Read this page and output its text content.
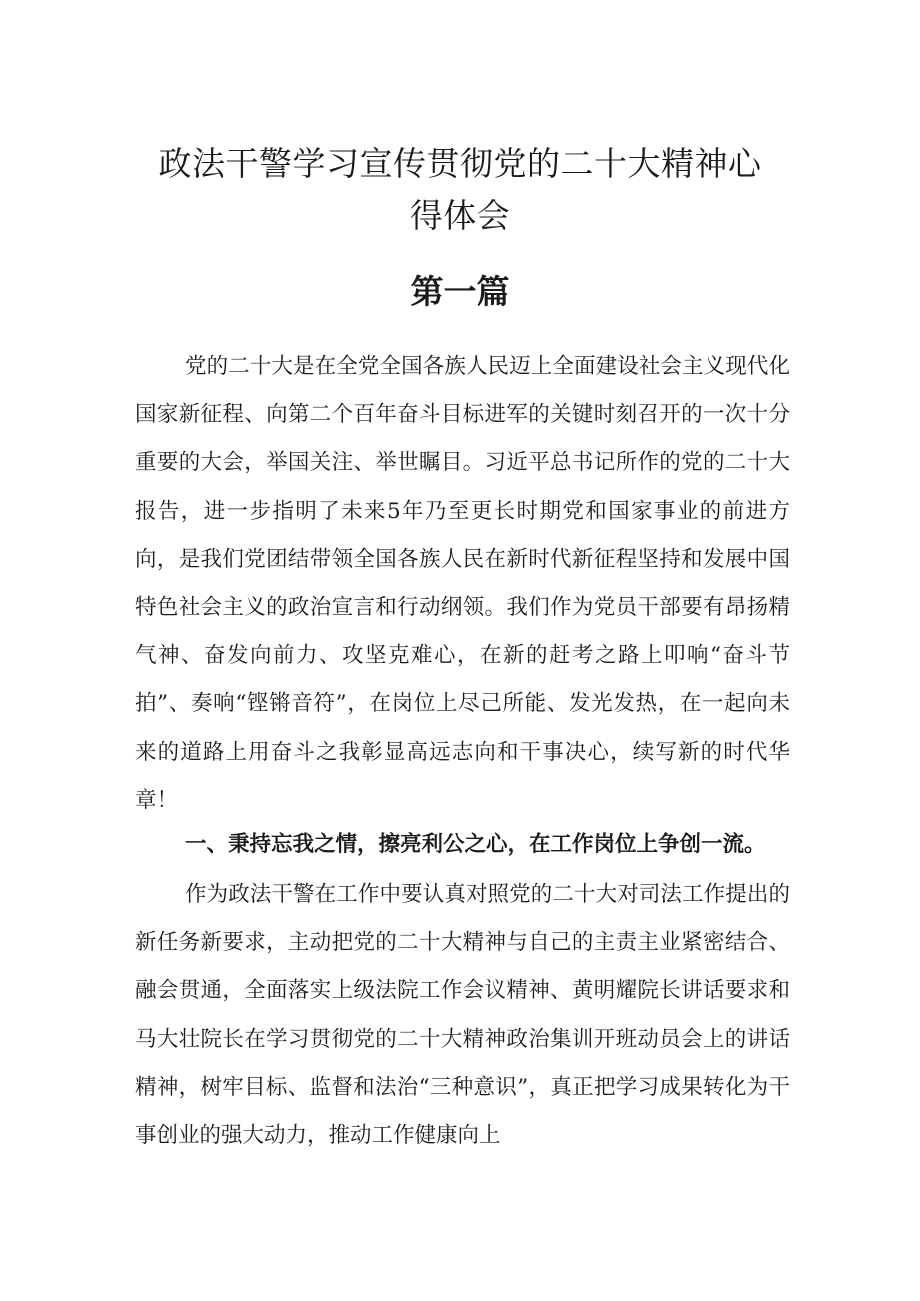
政法干警学习宣传贯彻党的二十大精神心
得体会
第一篇

党的二十大是在全党全国各族人民迈上全面建设社会主义现代化国家新征程、向第二个百年奋斗目标进军的关键时刻召开的一次十分重要的大会，举国关注、举世瞩目。习近平总书记所作的党的二十大报告，进一步指明了未来5年乃至更长时期党和国家事业的前进方向，是我们党团结带领全国各族人民在新时代新征程坚持和发展中国特色社会主义的政治宣言和行动纲领。我们作为党员干部要有昂扬精气神、奋发向前力、攻坚克难心，在新的赶考之路上叩响“奋斗节拍”、奏响“铿锵音符”，在岗位上尽己所能、发光发热，在一起向未来的道路上用奋斗之我彰显高远志向和干事决心，续写新的时代华章！

一、秉持忘我之情，擦亮利公之心，在工作岗位上争创一流。

作为政法干警在工作中要认真对照党的二十大对司法工作提出的新任务新要求，主动把党的二十大精神与自己的主责主业紧密结合、融会贯通，全面落实上级法院工作会议精神、黄明耀院长讲话要求和马大壮院长在学习贯彻党的二十大精神政治集训开班动员会上的讲话精神，树牢目标、监督和法治“三种意识”，真正把学习成果转化为干事创业的强大动力，推动工作健康向上
